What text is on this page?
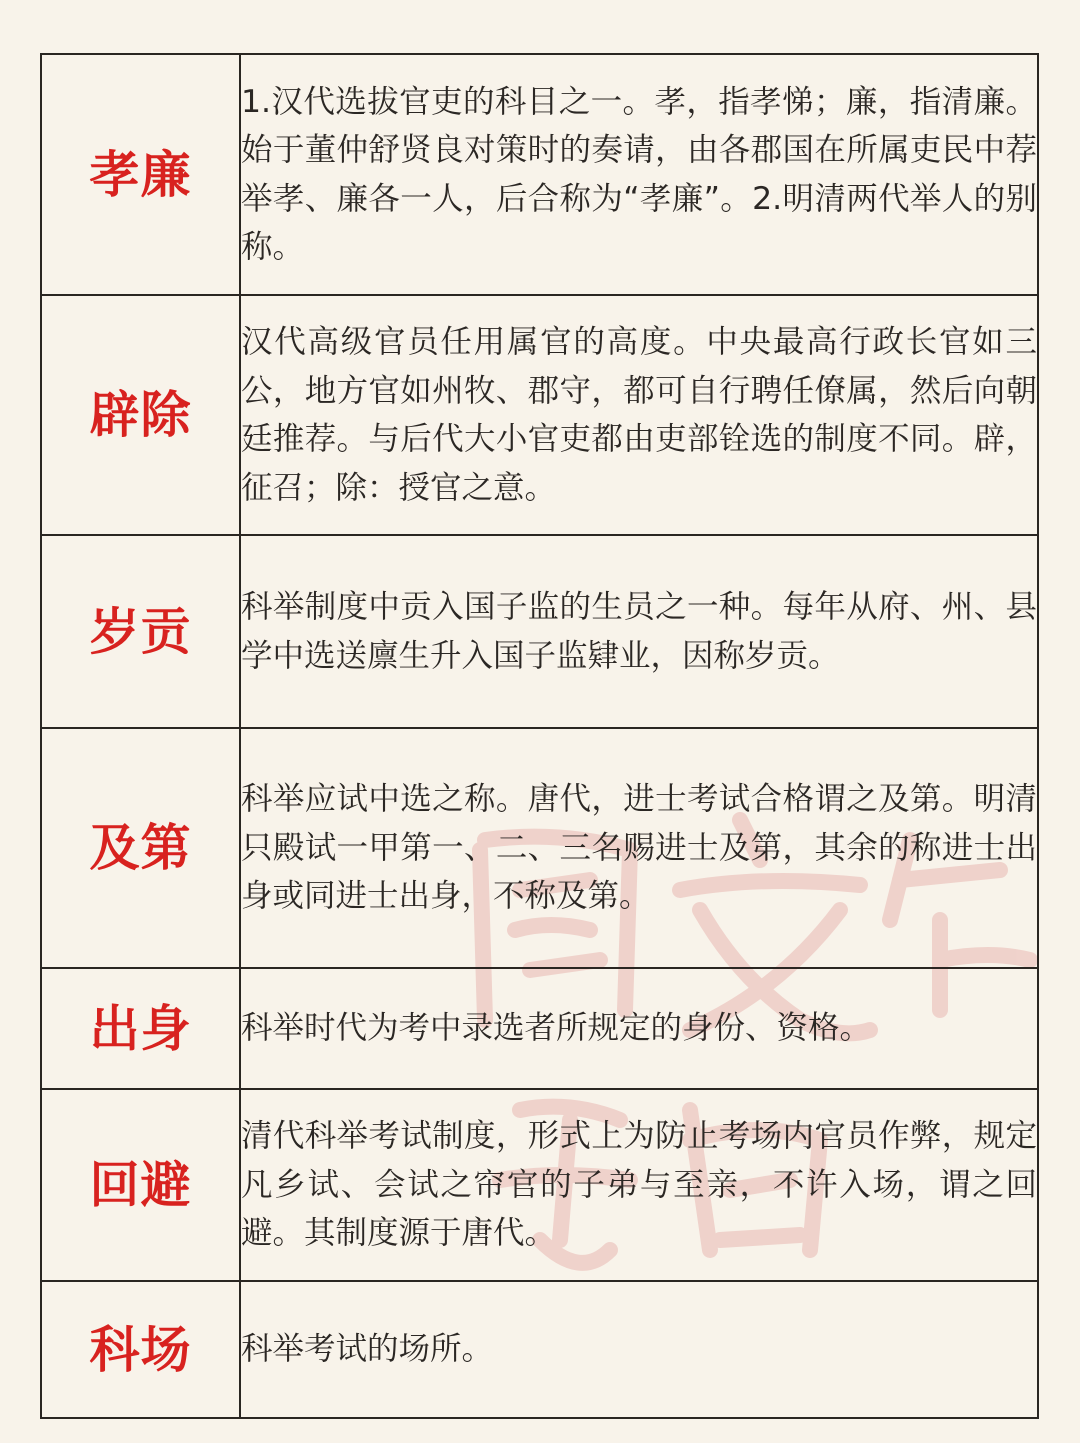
孝廉	1.汉代选拔官吏的科目之一。孝，指孝悌；廉，指清廉。始于董仲舒贤良对策时的奏请，由各郡国在所属吏民中荐举孝、廉各一人，后合称为“孝廉”。2.明清两代举人的别称。
辟除	汉代高级官员任用属官的高度。中央最高行政长官如三公，地方官如州牧、郡守，都可自行聘任僚属，然后向朝廷推荐。与后代大小官吏都由吏部铨选的制度不同。辟，征召；除：授官之意。
岁贡	科举制度中贡入国子监的生员之一种。每年从府、州、县学中选送廪生升入国子监肄业，因称岁贡。
及第	科举应试中选之称。唐代，进士考试合格谓之及第。明清只殿试一甲第一、二、三名赐进士及第，其余的称进士出身或同进士出身，不称及第。
出身	科举时代为考中录选者所规定的身份、资格。
回避	清代科举考试制度，形式上为防止考场内官员作弊，规定凡乡试、会试之帘官的子弟与至亲，不许入场，谓之回避。其制度源于唐代。
科场	科举考试的场所。
